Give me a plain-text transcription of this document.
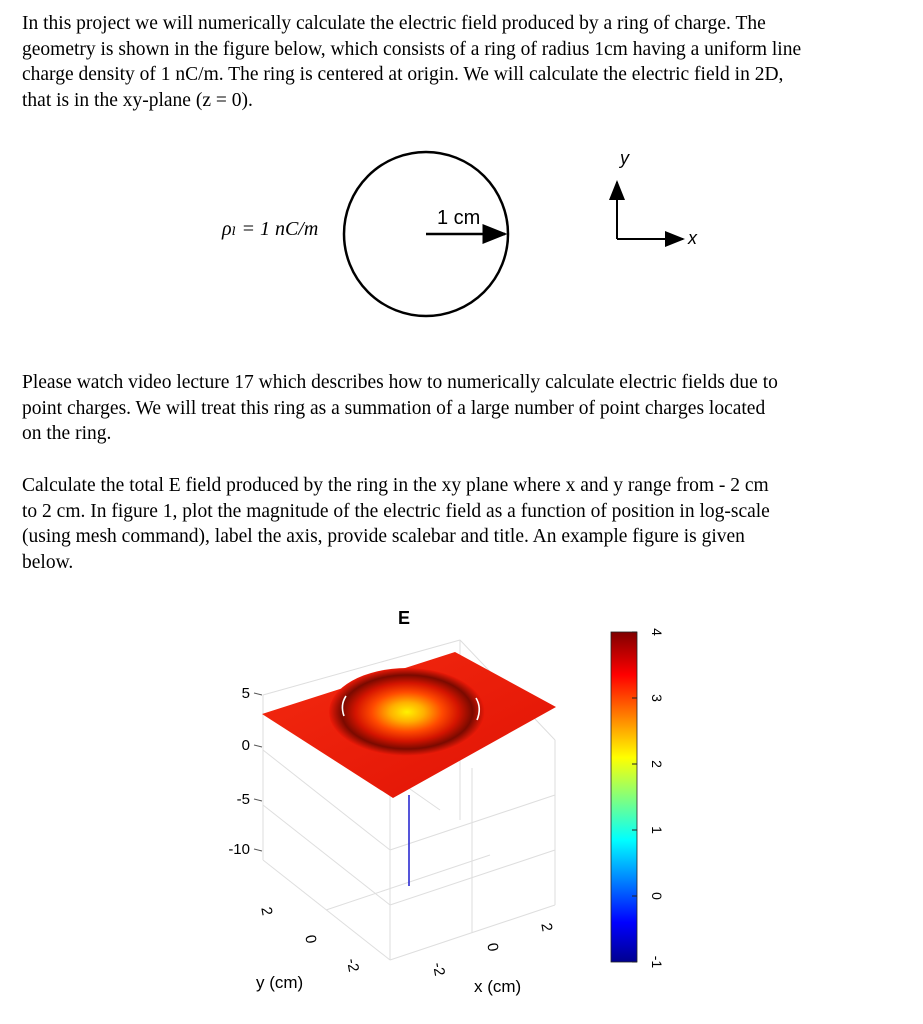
In this project we will numerically calculate the electric field produced by a ring of charge. The
geometry is shown in the figure below, which consists of a ring of radius 1cm having a uniform line
charge density of 1 nC/m. The ring is centered at origin. We will calculate the electric field in 2D,
that is in the xy-plane (z = 0).
ρₗ = 1 nC/m	1 cm
y
x
Please watch video lecture 17 which describes how to numerically calculate electric fields due to
point charges. We will treat this ring as a summation of a large number of point charges located
on the ring.
Calculate the total E field produced by the ring in the xy plane where x and y range from - 2 cm
to 2 cm. In figure 1, plot the magnitude of the electric field as a function of position in log-scale
(using mesh command), label the axis, provide scalebar and title. An example figure is given
below.
E
5
0
-5
-10
2
0
-2	-2
0
2
y (cm)	x (cm)
4
3
2
1
0
-1
